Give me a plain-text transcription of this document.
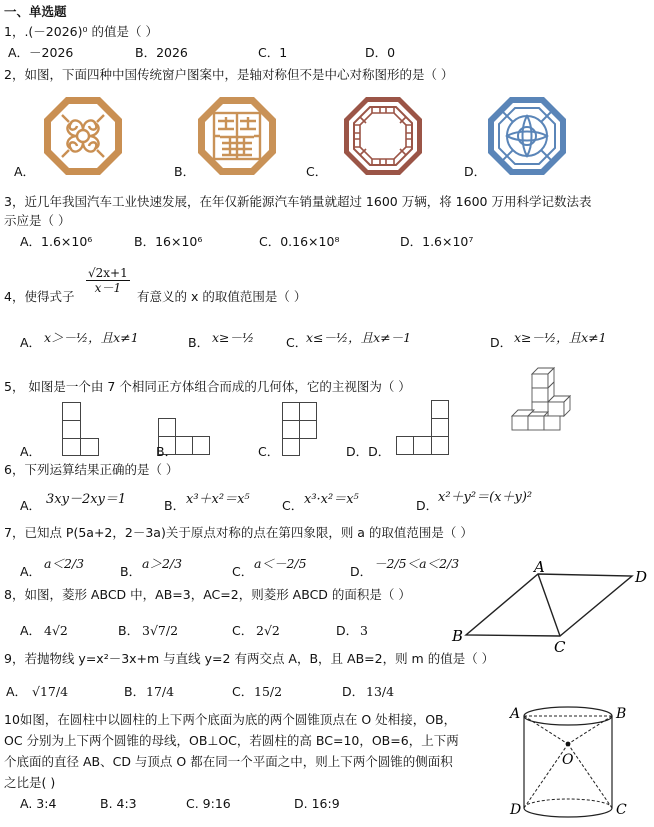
一、单选题
1，.(－2026)⁰ 的值是（ ）
A．－2026	B．2026	C．1	D．0
2，如图，下面四种中国传统窗户图案中，是轴对称但不是中心对称图形的是（ ）
A．	B．	C．	D．
3，近几年我国汽车工业快速发展，在年仅新能源汽车销量就超过 1600 万辆，将 1600 万用科学记数法表
示应是（ ）
A．1.6×10⁶	B．16×10⁶	C．0.16×10⁸	D．1.6×10⁷
4，使得式子
$\frac{√2x+1}{x-1}$
有意义的 x 的取值范围是（ ）
A． x＞－½，且x≠1	B． x≥－½	C．
x≤－½，且x≠－1	D． x≥－½，且x≠1
5， 如图是一个由 7 个相同正方体组合而成的几何体，它的主视图为（ ）
A．	B．	C．	D．D．
6，下列运算结果正确的是（ ）
A． 3xy－2xy＝1	B． x³＋x²＝x⁵	C． x³·x²＝x⁵	D．
x²＋y²＝(x＋y)²
7，已知点 P(5a+2，2－3a)关于原点对称的点在第四象限，则 a 的取值范围是（ ）
A．
a＜2/3
B．
a＞2/3
C．
a＜－2/5
D．
－2/5＜a＜2/3
8，如图，菱形 ABCD 中，AB=3，AC=2，则菱形 ABCD 的面积是（ ）
A． 4√2	B． 3√7/2	C． 2√2	D． 3
A
B
C
D
9，若抛物线 y=x²－3x+m 与直线 y=2 有两交点 A，B，且 AB=2，则 m 的值是（ ）
A． √17/4	B． 17/4	C． 15/2	D． 13/4
10如图，在圆柱中以圆柱的上下两个底面为底的两个圆锥顶点在 O 处相接，OB，
OC 分别为上下两个圆锥的母线，OB⊥OC，若圆柱的高 BC=10，OB=6，上下两
个底面的直径 AB、CD 与顶点 O 都在同一个平面之中，则上下两个圆锥的侧面积
之比是( )
A. 3:4	B. 4:3	C. 9:16	D. 16:9
A	B
O
D	C
